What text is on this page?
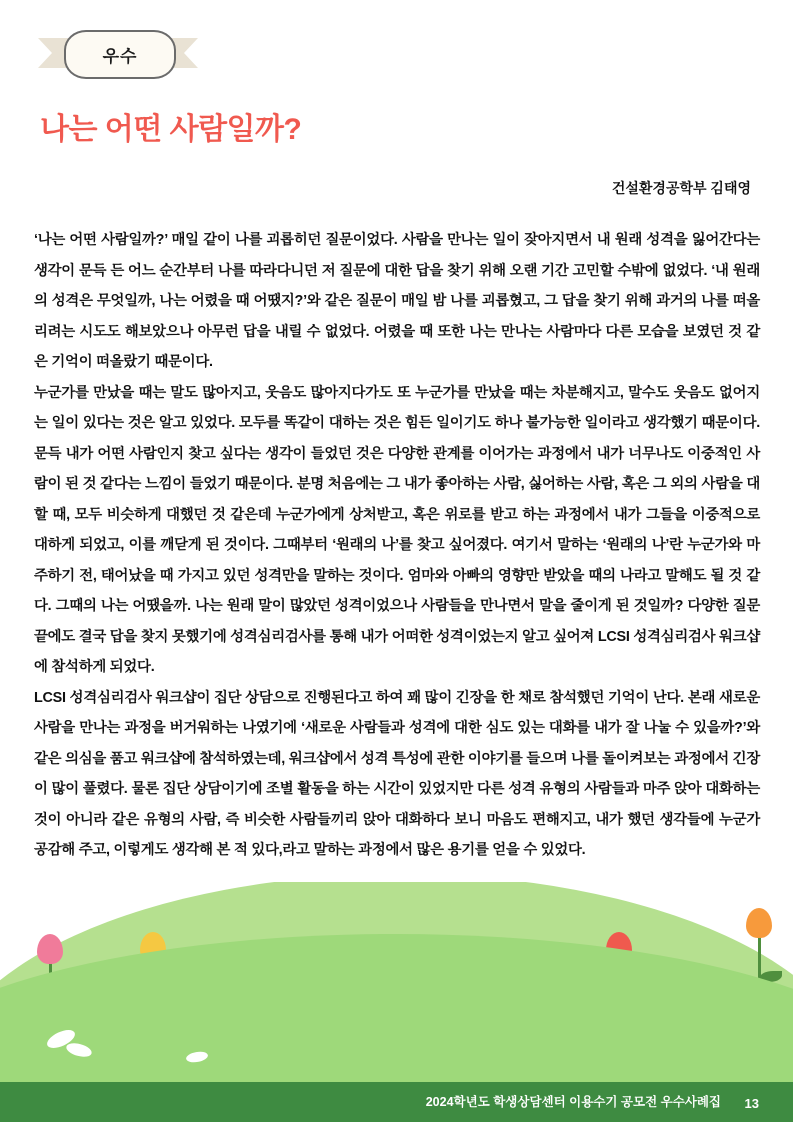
우수
나는 어떤 사람일까?
건설환경공학부 김태영

‘나는 어떤 사람일까?’ 매일 같이 나를 괴롭히던 질문이었다. 사람을 만나는 일이 잦아지면서 내 원래 성격을 잃어간다는 생각이 문득 든 어느 순간부터 나를 따라다니던 저 질문에 대한 답을 찾기 위해 오랜 기간 고민할 수밖에 없었다. ‘내 원래의 성격은 무엇일까, 나는 어렸을 때 어땠지?’와 같은 질문이 매일 밤 나를 괴롭혔고, 그 답을 찾기 위해 과거의 나를 떠올리려는 시도도 해보았으나 아무런 답을 내릴 수 없었다. 어렸을 때 또한 나는 만나는 사람마다 다른 모습을 보였던 것 같은 기억이 떠올랐기 때문이다.

누군가를 만났을 때는 말도 많아지고, 웃음도 많아지다가도 또 누군가를 만났을 때는 차분해지고, 말수도 웃음도 없어지는 일이 있다는 것은 알고 있었다. 모두를 똑같이 대하는 것은 힘든 일이기도 하나 불가능한 일이라고 생각했기 때문이다. 문득 내가 어떤 사람인지 찾고 싶다는 생각이 들었던 것은 다양한 관계를 이어가는 과정에서 내가 너무나도 이중적인 사람이 된 것 같다는 느낌이 들었기 때문이다. 분명 처음에는 그 내가 좋아하는 사람, 싫어하는 사람, 혹은 그 외의 사람을 대할 때, 모두 비슷하게 대했던 것 같은데 누군가에게 상처받고, 혹은 위로를 받고 하는 과정에서 내가 그들을 이중적으로 대하게 되었고, 이를 깨닫게 된 것이다. 그때부터 ‘원래의 나’를 찾고 싶어졌다. 여기서 말하는 ‘원래의 나’란 누군가와 마주하기 전, 태어났을 때 가지고 있던 성격만을 말하는 것이다. 엄마와 아빠의 영향만 받았을 때의 나라고 말해도 될 것 같다. 그때의 나는 어땠을까. 나는 원래 말이 많았던 성격이었으나 사람들을 만나면서 말을 줄이게 된 것일까? 다양한 질문 끝에도 결국 답을 찾지 못했기에 성격심리검사를 통해 내가 어떠한 성격이었는지 알고 싶어져 LCSI 성격심리검사 워크샵에 참석하게 되었다.

LCSI 성격심리검사 워크샵이 집단 상담으로 진행된다고 하여 꽤 많이 긴장을 한 채로 참석했던 기억이 난다. 본래 새로운 사람을 만나는 과정을 버거워하는 나였기에 ‘새로운 사람들과 성격에 대한 심도 있는 대화를 내가 잘 나눌 수 있을까?’와 같은 의심을 품고 워크샵에 참석하였는데, 워크샵에서 성격 특성에 관한 이야기를 들으며 나를 돌이켜보는 과정에서 긴장이 많이 풀렸다. 물론 집단 상담이기에 조별 활동을 하는 시간이 있었지만 다른 성격 유형의 사람들과 마주 앉아 대화하는 것이 아니라 같은 유형의 사람, 즉 비슷한 사람들끼리 앉아 대화하다 보니 마음도 편해지고, 내가 했던 생각들에 누군가 공감해 주고, 이렇게도 생각해 본 적 있다,라고 말하는 과정에서 많은 용기를 얻을 수 있었다.

2024학년도 학생상담센터 이용수기 공모전 우수사례집 13
